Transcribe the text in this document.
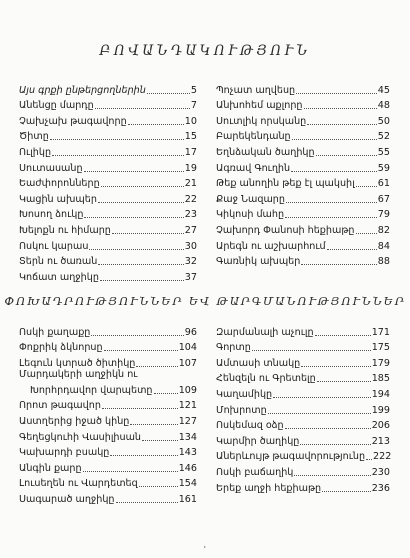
ԲՈՎԱՆԴԱԿՈՒԹՅՈՒՆ
ՓՈԽԱԴՐՈՒԹՅՈՒՆՆԵՐ ԵՎ ԹԱՐԳՄԱՆՈՒԹՅՈՒՆՆԵՐ
Այս գրքի ընթերցողներին	5
Անենցը մարդը	7
Չախչախ թագավորը	10
Ծիտը	15
Ուլիկը	17
Սուտասանը	19
Եաժփորոնները	21
Կացին ախպեր	22
Խոսող ձուկը	23
Խելոքն ու հիմարը	27
Ոսկու կարաս	30
Տերն ու ծառան	32
Կոճատ աղջիկը	37
Պոչատ աղվեսը	45
Անխոհեմ աքլորը	48
Սուտլիկ որսկանը	50
Բարեկենդանը	52
Եղնձական ծաղիկը	55
Ագռավ Գուղին	59
Թեք անողին թեք էլ պակսիլ 61
Քաջ Նազարը	67
Կիկոսի մահը	79
Չախորդ Փանոսի հեքիաթը 82
Արեգն ու աշխարհում	84
Գառնիկ ախպեր	88
Ոսկի քաղաքը	96
Փոքրիկ ձկնորսը	104
Լեգուն կտրած ծիտիկը	107
Մարդակերի աղջիկն ու
Խորհրդավոր վարպետը	109
Որոտ թագավոր	121
Աստղերից իջած կինը	127
Գեղեցկուհի Վասիլիսան	134
Կախարդի բսակը	143
Անգին քարը	146
Լուսեղեն ու Վարդետեզ	154
Սագարած աղջիկը	161
Զարմանալի աչուլը	171
Գորտը	175
Ամտասի տնակը	179
Հենզելն ու Գրետելը	185
Կաղամիկը	194
Մոխրոտը	199
Ոսկեմազ օձը	206
Կարմիր ծաղիկը	213
Աներևույթ թագավորությունը 222
Ոսկի բաճաղիկ	230
Երեք աղջի հեքիաթը	236
ՙ
